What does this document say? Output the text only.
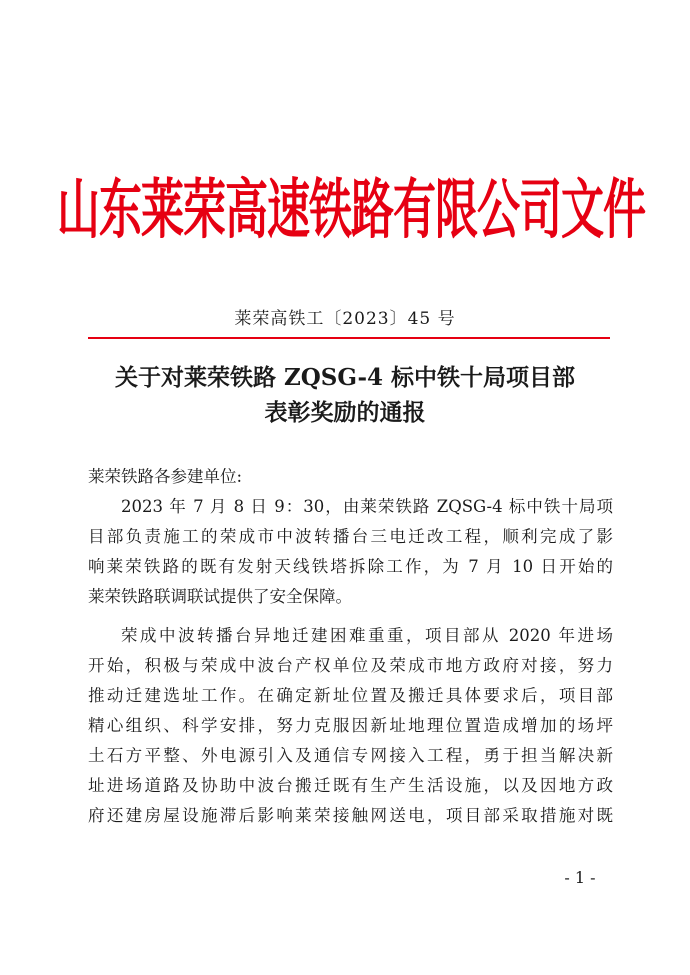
山东莱荣高速铁路有限公司文件
莱荣高铁工〔2023〕45 号
关于对莱荣铁路 ZQSG-4 标中铁十局项目部
表彰奖励的通报
莱荣铁路各参建单位:
2023 年 7 月 8 日 9：30，由莱荣铁路 ZQSG-4 标中铁十局项
目部负责施工的荣成市中波转播台三电迁改工程，顺利完成了影
响莱荣铁路的既有发射天线铁塔拆除工作，为 7 月 10 日开始的
莱荣铁路联调联试提供了安全保障。
荣成中波转播台异地迁建困难重重，项目部从 2020 年进场
开始，积极与荣成中波台产权单位及荣成市地方政府对接，努力
推动迁建选址工作。在确定新址位置及搬迁具体要求后，项目部
精心组织、科学安排，努力克服因新址地理位置造成增加的场坪
土石方平整、外电源引入及通信专网接入工程，勇于担当解决新
址进场道路及协助中波台搬迁既有生产生活设施，以及因地方政
府还建房屋设施滞后影响莱荣接触网送电，项目部采取措施对既
- 1 -
